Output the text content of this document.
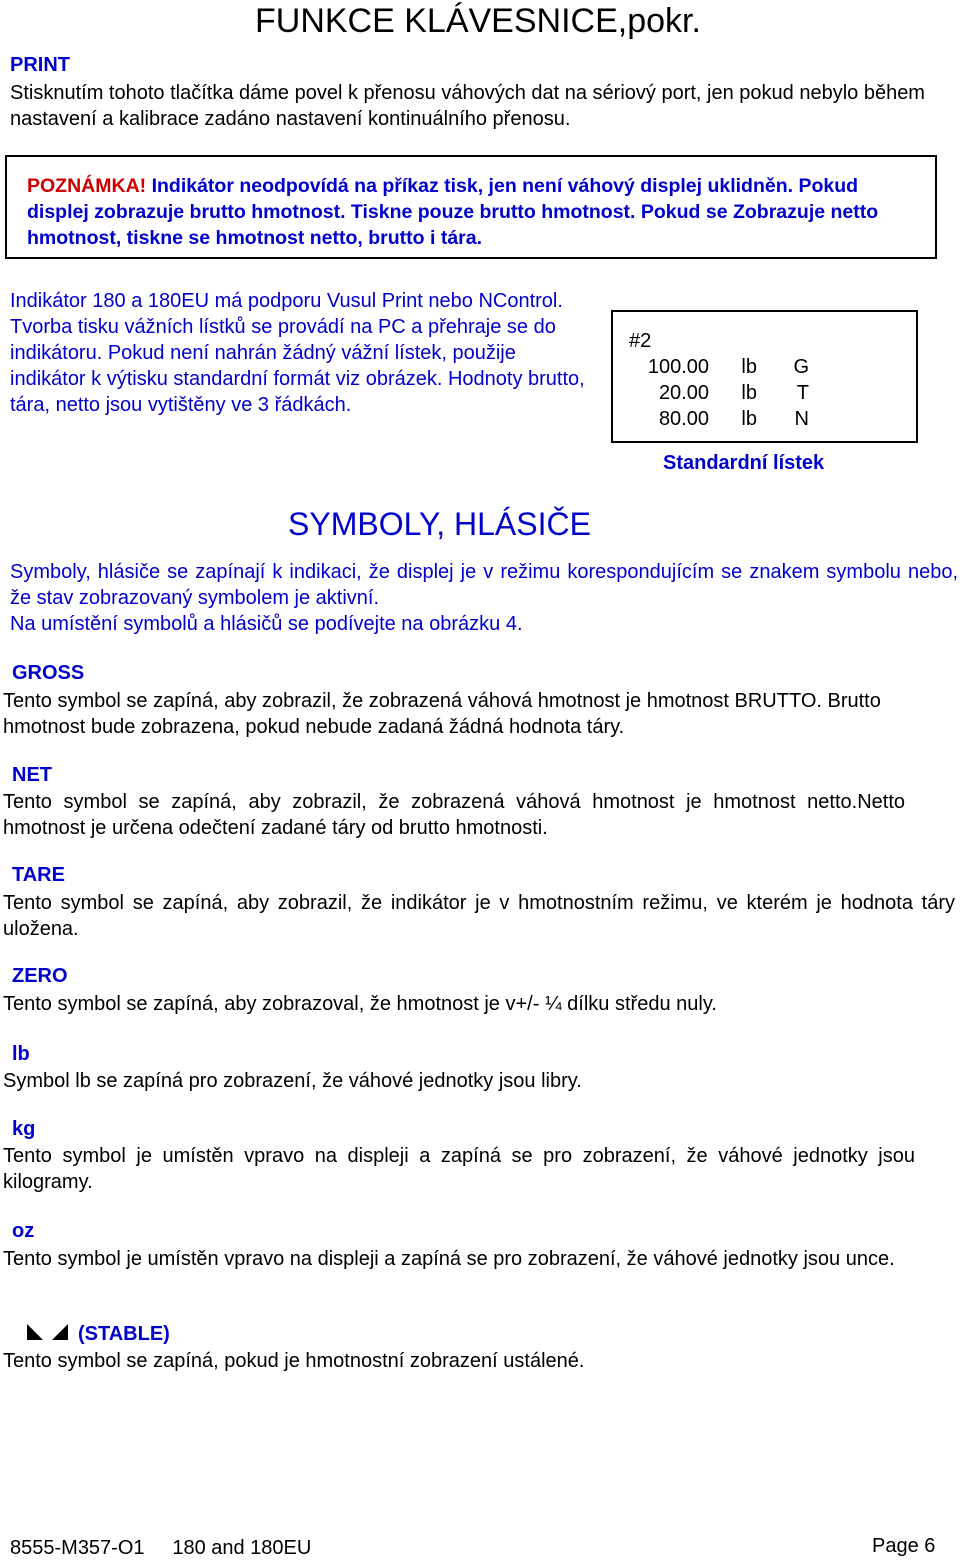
FUNKCE KLÁVESNICE,pokr.
PRINT
Stisknutím tohoto tlačítka dáme povel k přenosu váhových dat na sériový port, jen pokud nebylo během nastavení a kalibrace zadáno nastavení kontinuálního přenosu.
POZNÁMKA! Indikátor neodpovídá na příkaz tisk, jen není váhový displej uklidněn. Pokud displej zobrazuje brutto hmotnost. Tiskne pouze brutto hmotnost. Pokud se Zobrazuje netto hmotnost, tiskne se hmotnost netto, brutto i tára.
Indikátor 180 a 180EU má podporu Vusul Print nebo NControl. Tvorba tisku vážních lístků se provádí na PC a přehraje se do indikátoru. Pokud není nahrán žádný vážní lístek, použije indikátor k výtisku standardní formát viz obrázek. Hodnoty brutto, tára, netto jsou vytištěny ve 3 řádkách.
#2
100.00	lb	G
20.00	lb	T
80.00	lb	N
Standardní lístek
SYMBOLY, HLÁSIČE
Symboly, hlásiče se zapínají k indikaci, že displej je v režimu korespondujícím se znakem symbolu nebo, že stav zobrazovaný symbolem je aktivní.
Na umístění symbolů a hlásičů se podívejte na obrázku 4.
GROSS
Tento symbol se zapíná, aby zobrazil, že zobrazená váhová hmotnost je hmotnost BRUTTO. Brutto hmotnost bude zobrazena, pokud nebude zadaná žádná hodnota táry.
NET
Tento symbol se zapíná, aby zobrazil, že zobrazená váhová hmotnost je hmotnost netto.Netto hmotnost je určena odečtení zadané táry od brutto hmotnosti.
TARE
Tento symbol se zapíná, aby zobrazil, že indikátor je v hmotnostním režimu, ve kterém je hodnota táry uložena.
ZERO
Tento symbol se zapíná, aby zobrazoval, že hmotnost je v+/- ¼ dílku středu nuly.
lb
Symbol lb se zapíná pro zobrazení, že váhové jednotky jsou libry.
kg
Tento symbol je umístěn vpravo na displeji a zapíná se pro zobrazení, že váhové jednotky jsou kilogramy.
oz
Tento symbol je umístěn vpravo na displeji a zapíná se pro zobrazení, že váhové jednotky jsou unce.
(STABLE)
Tento symbol se zapíná, pokud je hmotnostní zobrazení ustálené.
8555-M357-O1 180 and 180EU	Page 6
